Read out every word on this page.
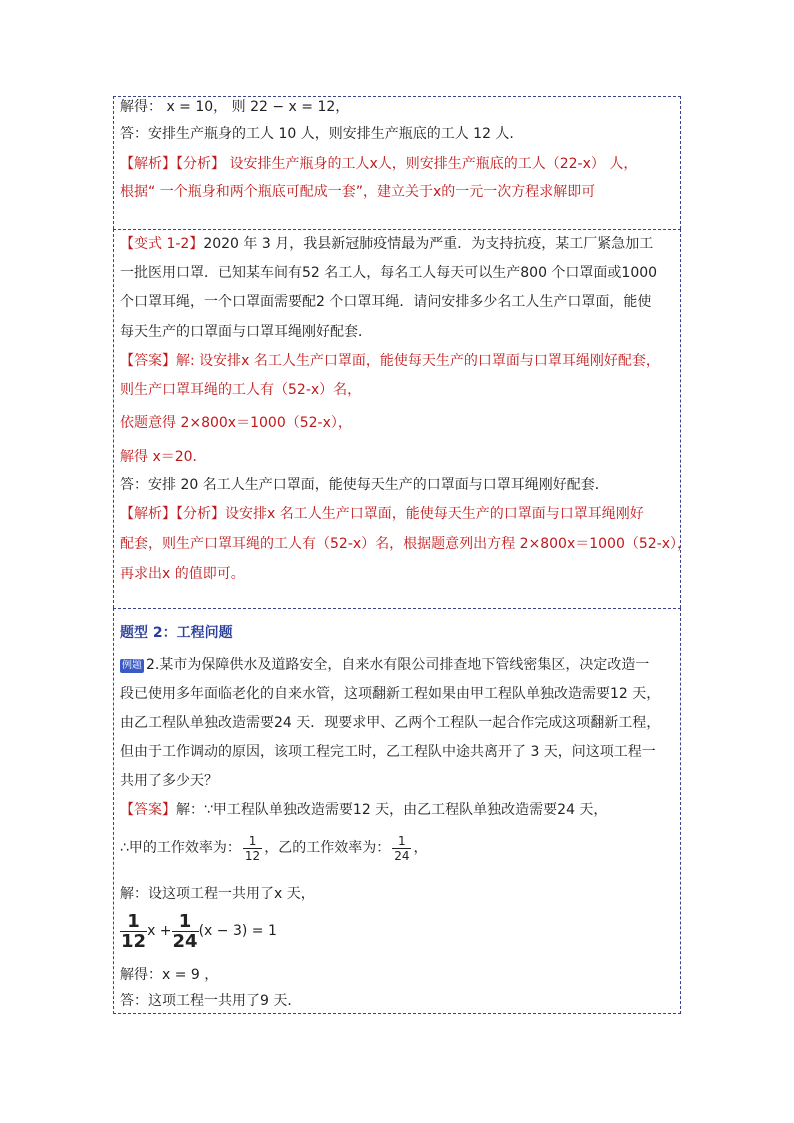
解得： x = 10， 则 22 − x = 12，
答：安排生产瓶身的工人 10 人，则安排生产瓶底的工人 12 人.
【解析】【分析】 设安排生产瓶身的工人x人，则安排生产瓶底的工人（22-x） 人，
根据“ 一个瓶身和两个瓶底可配成一套”，建立关于x的一元一次方程求解即可
【变式 1-2】2020 年 3 月，我县新冠肺疫情最为严重．为支持抗疫，某工厂紧急加工
一批医用口罩．已知某车间有52 名工人，每名工人每天可以生产800 个口罩面或1000
个口罩耳绳，一个口罩面需要配2 个口罩耳绳．请问安排多少名工人生产口罩面，能使
每天生产的口罩面与口罩耳绳刚好配套．
【答案】解: 设安排x 名工人生产口罩面，能使每天生产的口罩面与口罩耳绳刚好配套，
则生产口罩耳绳的工人有（52-x）名，
依题意得 2×800x＝1000（52-x），
解得 x＝20．
答：安排 20 名工人生产口罩面，能使每天生产的口罩面与口罩耳绳刚好配套．
【解析】【分析】设安排x 名工人生产口罩面，能使每天生产的口罩面与口罩耳绳刚好
配套，则生产口罩耳绳的工人有（52-x）名，根据题意列出方程 2×800x＝1000（52-x），
再求出x 的值即可。
题型 2：工程问题
例题 2.某市为保障供水及道路安全，自来水有限公司排查地下管线密集区，决定改造一
段已使用多年面临老化的自来水管，这项翻新工程如果由甲工程队单独改造需要12 天，
由乙工程队单独改造需要24 天．现要求甲、乙两个工程队一起合作完成这项翻新工程，
但由于工作调动的原因，该项工程完工时，乙工程队中途共离开了 3 天，问这项工程一
共用了多少天？
【答案】解：∵甲工程队单独改造需要12 天，由乙工程队单独改造需要24 天，
∴甲的工作效率为： $\frac{1}{12}$ ，乙的工作效率为： $\frac{1}{24}$ ，
解：设这项工程一共用了x 天，
$\frac{1}{12}$ $x + \frac{1}{24} (x - 3) = 1$
解得：x = 9 ，
答：这项工程一共用了9 天．
